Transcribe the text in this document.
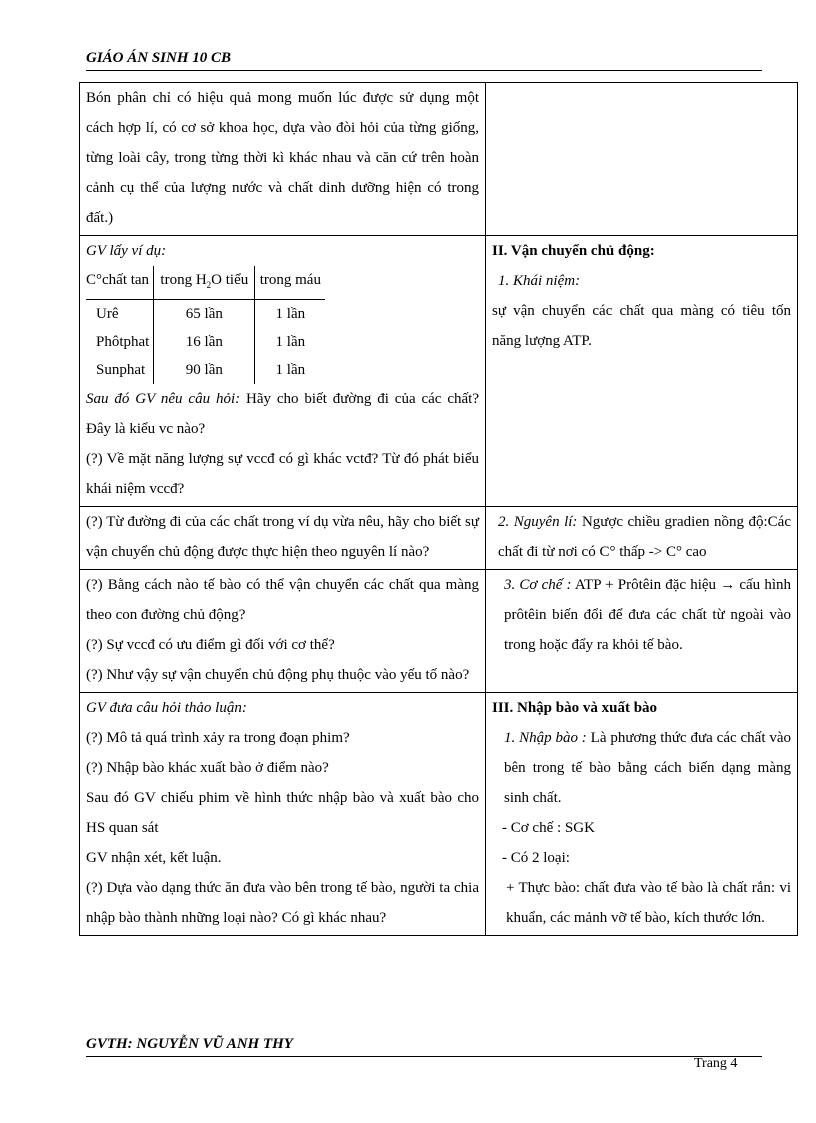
GIÁO ÁN SINH 10 CB
Bón phân chỉ có hiệu quả mong muốn lúc được sử dụng một cách hợp lí, có cơ sở khoa học, dựa vào đòi hỏi của từng giống, từng loài cây, trong từng thời kì khác nhau và căn cứ trên hoàn cảnh cụ thể của lượng nước và chất dinh dưỡng hiện có trong đất.)

GV lấy ví dụ:
C°chất tan	trong $H_2O$ tiểu	trong máu
Urê	65 lần	1 lần
Phôtphat	16 lần	1 lần
Sunphat	90 lần	1 lần
Sau đó GV nêu câu hỏi: Hãy cho biết đường đi của các chất? Đây là kiểu vc nào?
(?) Về mặt năng lượng sự vccđ có gì khác vctđ? Từ đó phát biểu khái niệm vccđ?

II. Vận chuyển chủ động:
1. Khái niệm:
sự vận chuyển các chất qua màng có tiêu tốn năng lượng ATP.

(?) Từ đường đi của các chất trong ví dụ vừa nêu, hãy cho biết sự vận chuyển chủ động được thực hiện theo nguyên lí nào?

2. Nguyên lí: Ngược chiều gradien nồng độ:Các chất đi từ nơi có C° thấp -> C° cao

(?) Bằng cách nào tế bào có thể vận chuyển các chất qua màng theo con đường chủ động?
(?) Sự vccđ có ưu điểm gì đối với cơ thể?
(?) Như vậy sự vận chuyển chủ động phụ thuộc vào yếu tố nào?

3. Cơ chế : ATP + Prôtêin đặc hiệu → cấu hình prôtêin biến đổi để đưa các chất từ ngoài vào trong hoặc đẩy ra khỏi tế bào.

GV đưa câu hỏi thảo luận:
(?) Mô tả quá trình xảy ra trong đoạn phim?
(?) Nhập bào khác xuất bào ở điểm nào?
Sau đó GV chiếu phim về hình thức nhập bào và xuất bào cho HS quan sát
GV nhận xét, kết luận.
(?) Dựa vào dạng thức ăn đưa vào bên trong tế bào, người ta chia nhập bào thành những loại nào? Có gì khác nhau?

III. Nhập bào và xuất bào
1. Nhập bào : Là phương thức đưa các chất vào bên trong tế bào bằng cách biến dạng màng sinh chất.
- Cơ chế : SGK
- Có 2 loại:
+ Thực bào: chất đưa vào tế bào là chất rắn: vi khuẩn, các mảnh vỡ tế bào, kích thước lớn.
GVTH: NGUYỄN VŨ ANH THY
Trang 4
